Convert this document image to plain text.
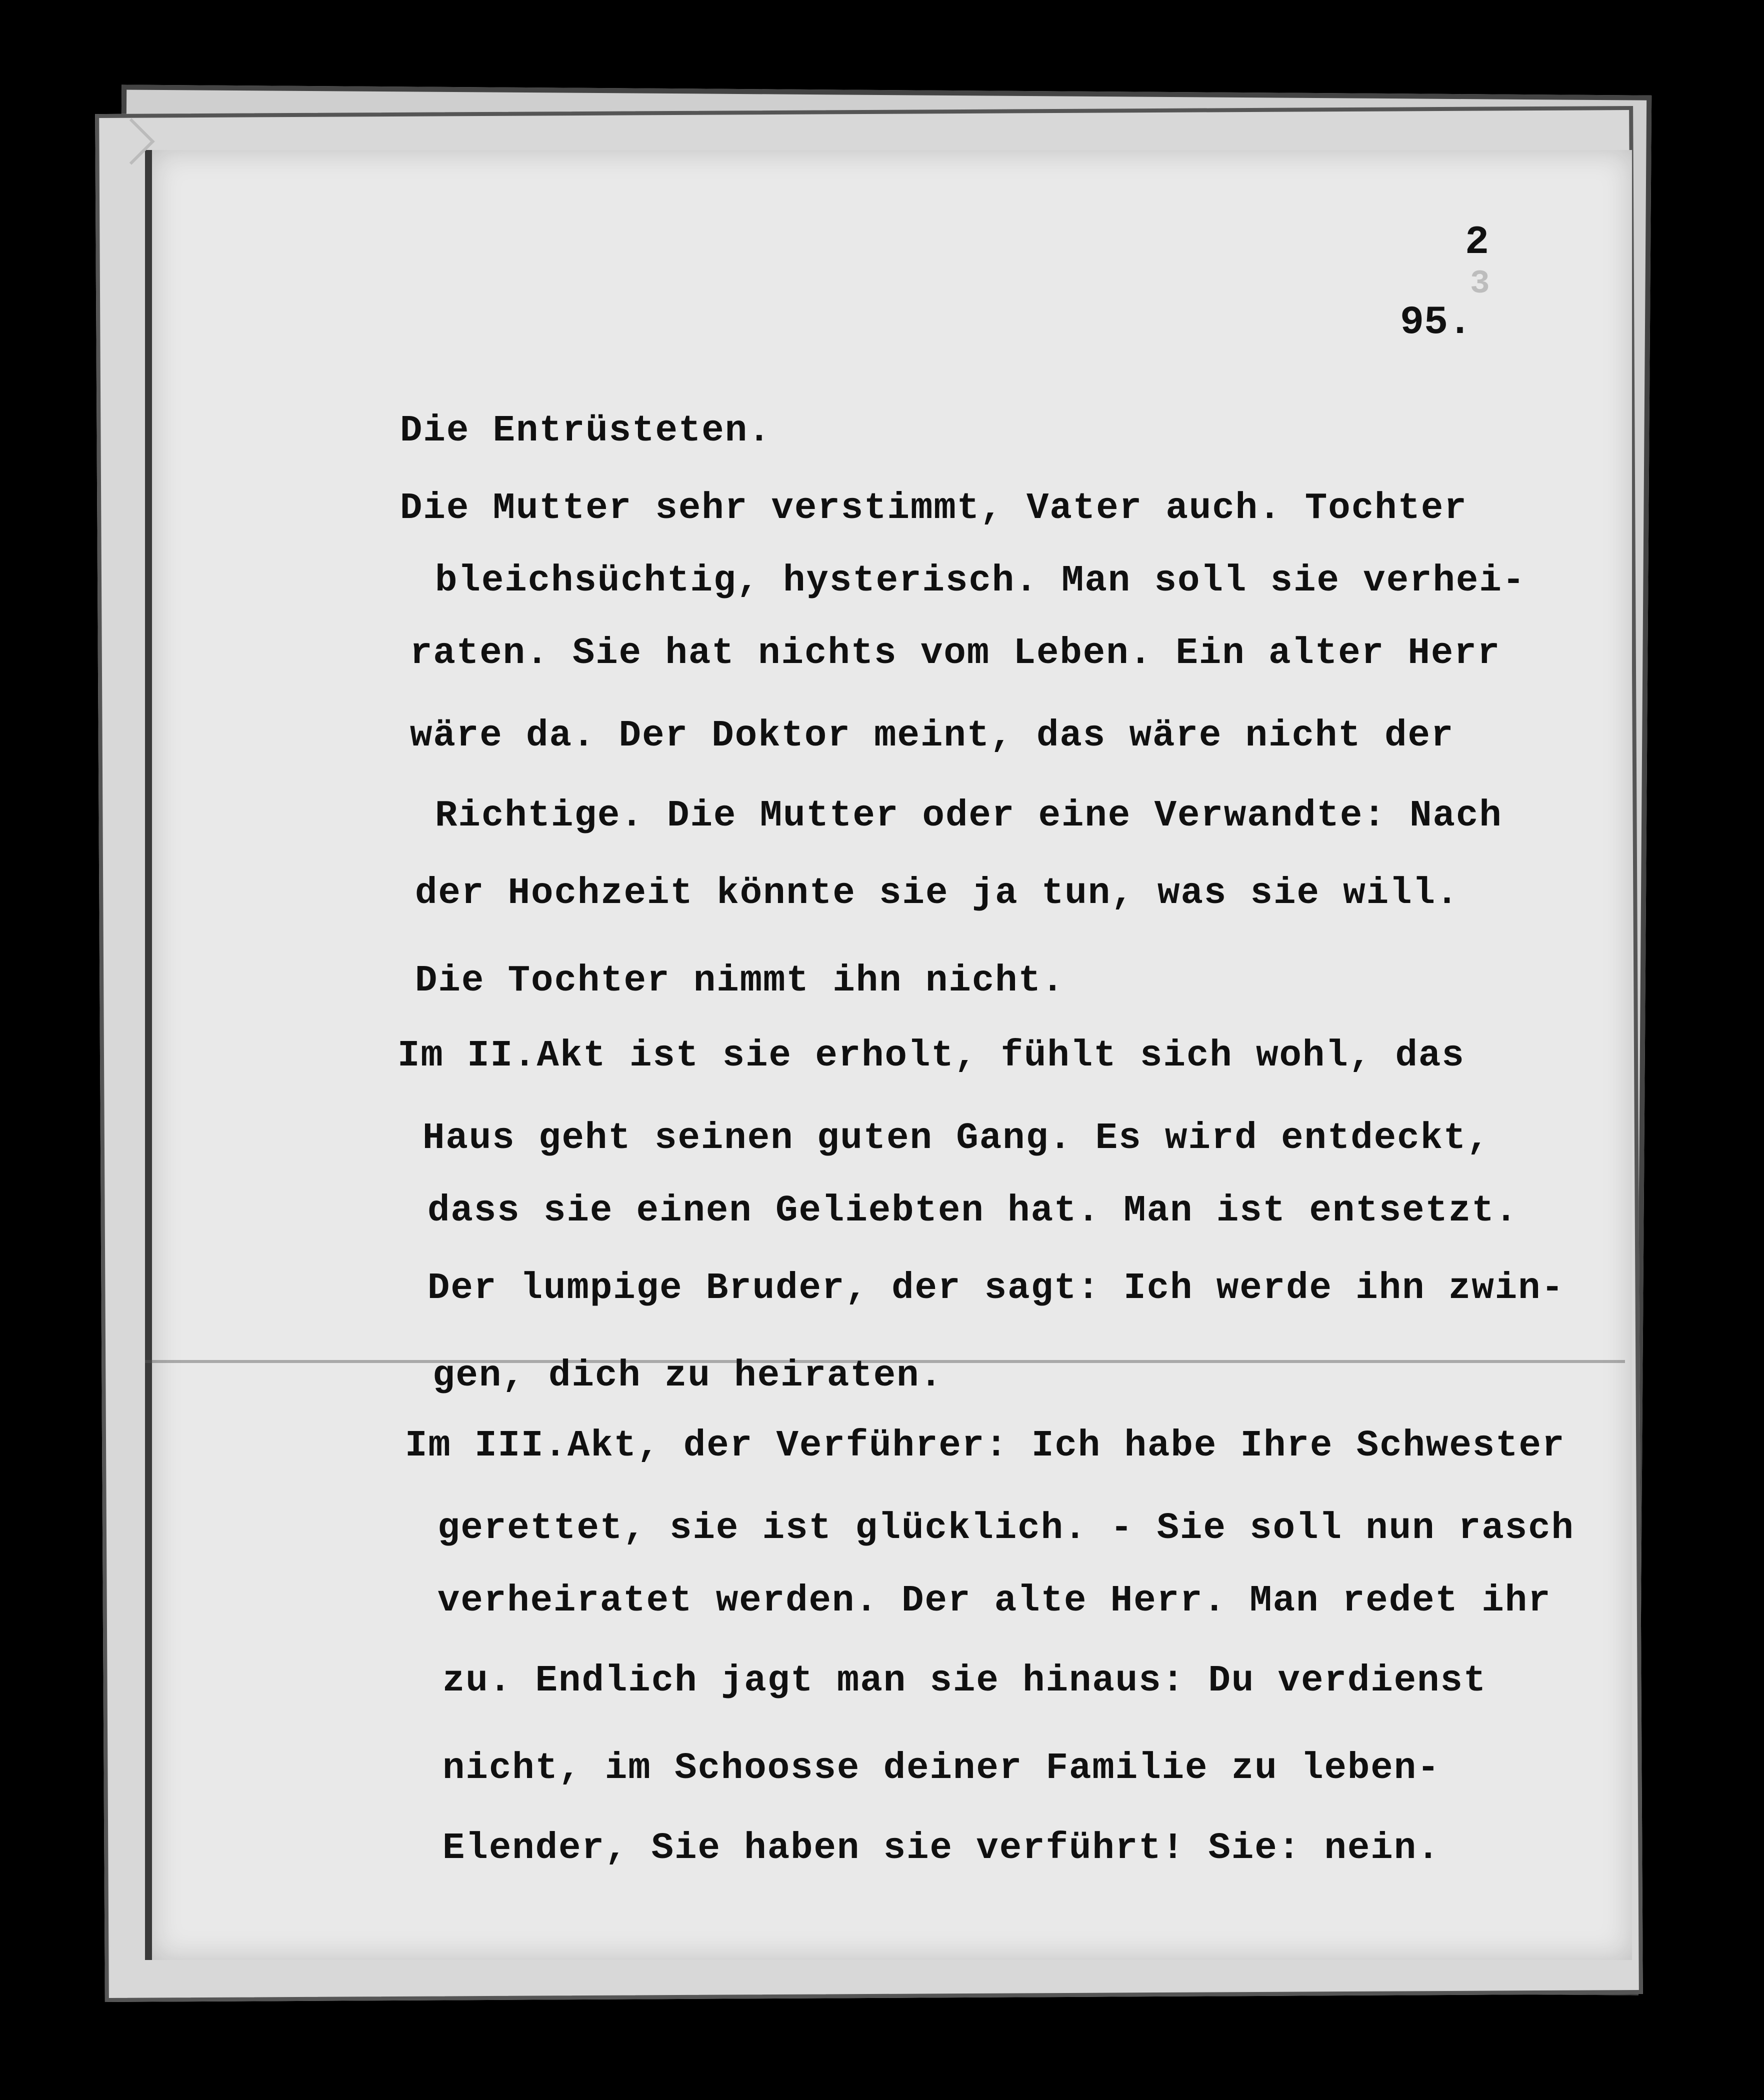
2
3
95.
Die Entrüsteten.
Die Mutter sehr verstimmt, Vater auch. Tochter
bleichsüchtig, hysterisch. Man soll sie verhei-
raten. Sie hat nichts vom Leben. Ein alter Herr
wäre da. Der Doktor meint, das wäre nicht der
Richtige. Die Mutter oder eine Verwandte: Nach
der Hochzeit könnte sie ja tun, was sie will.
Die Tochter nimmt ihn nicht.
Im II.Akt ist sie erholt, fühlt sich wohl, das
Haus geht seinen guten Gang. Es wird entdeckt,
dass sie einen Geliebten hat. Man ist entsetzt.
Der lumpige Bruder, der sagt: Ich werde ihn zwin-
gen, dich zu heiraten.
Im III.Akt, der Verführer: Ich habe Ihre Schwester
gerettet, sie ist glücklich. - Sie soll nun rasch
verheiratet werden. Der alte Herr. Man redet ihr
zu. Endlich jagt man sie hinaus: Du verdienst
nicht, im Schoosse deiner Familie zu leben-
Elender, Sie haben sie verführt! Sie: nein.
